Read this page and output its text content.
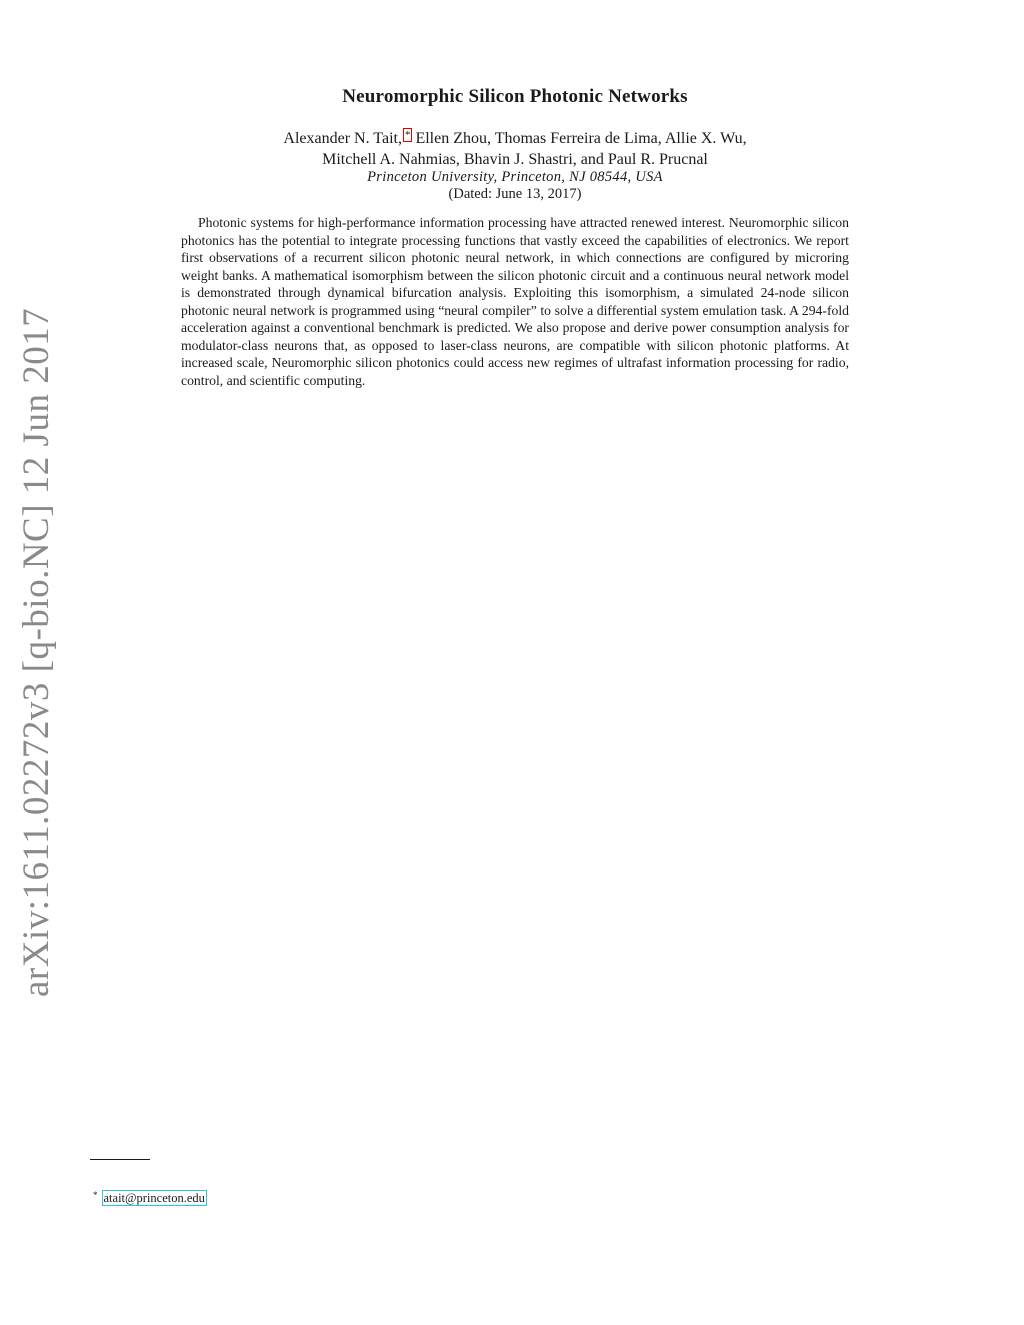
arXiv:1611.02272v3 [q-bio.NC] 12 Jun 2017
Neuromorphic Silicon Photonic Networks
Alexander N. Tait, * Ellen Zhou, Thomas Ferreira de Lima, Allie X. Wu,
Mitchell A. Nahmias, Bhavin J. Shastri, and Paul R. Prucnal
Princeton University, Princeton, NJ 08544, USA
(Dated: June 13, 2017)
Photonic systems for high-performance information processing have attracted renewed interest. Neuromorphic silicon photonics has the potential to integrate processing functions that vastly exceed the capabilities of electronics. We report first observations of a recurrent silicon photonic neural network, in which connections are configured by microring weight banks. A mathematical isomorphism between the silicon photonic circuit and a continuous neural network model is demonstrated through dynamical bifurcation analysis. Exploiting this isomorphism, a simulated 24-node silicon photonic neural network is programmed using “neural compiler” to solve a differential system emulation task. A 294-fold acceleration against a conventional benchmark is predicted. We also propose and derive power consumption analysis for modulator-class neurons that, as opposed to laser-class neurons, are compatible with silicon photonic platforms. At increased scale, Neuromorphic silicon photonics could access new regimes of ultrafast information processing for radio, control, and scientific computing.
* atait@princeton.edu
